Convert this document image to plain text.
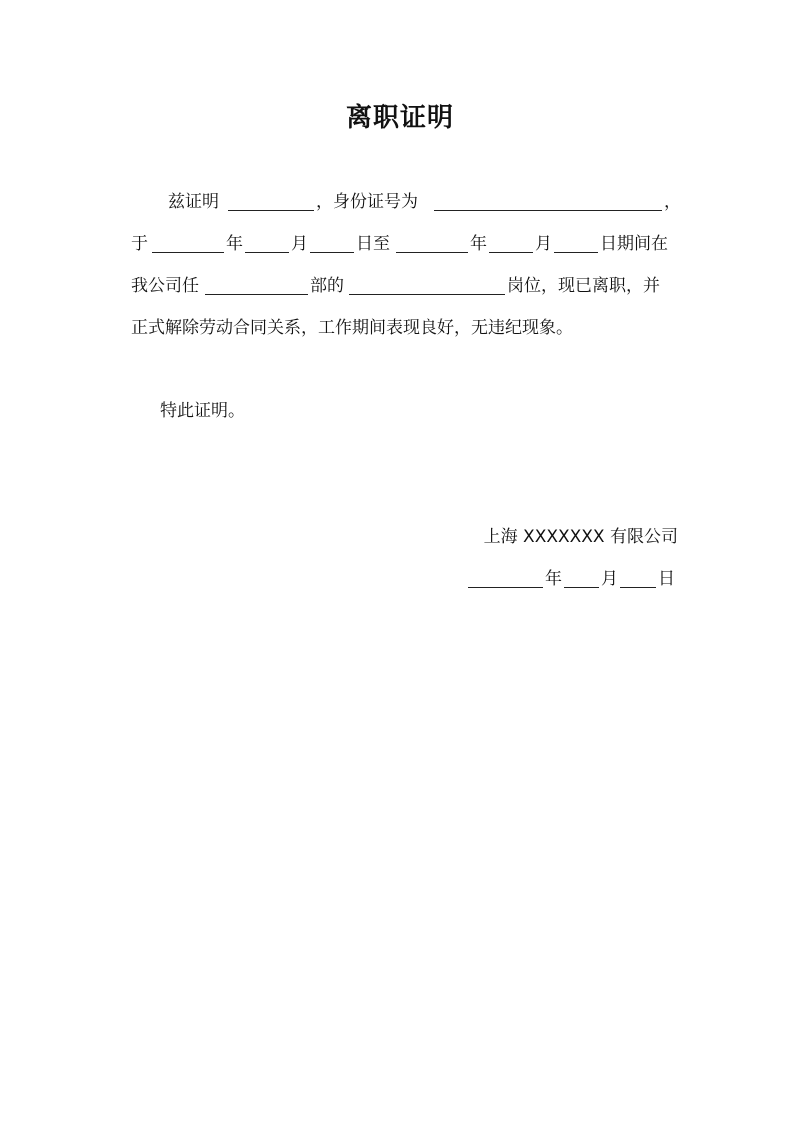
离职证明
兹证明	，身份证号为	，
于	年	月	日至	年	月	日期间在
我公司任	部的	岗位，现已离职，并
正式解除劳动合同关系，工作期间表现良好，无违纪现象。
特此证明。
上海 XXXXXXX 有限公司
年 月 日
